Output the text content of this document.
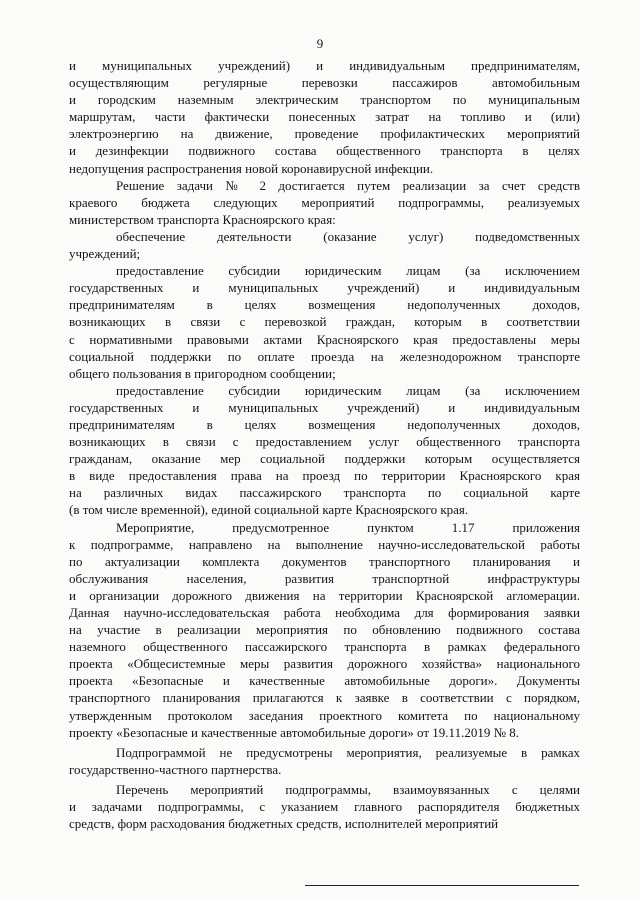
9
и муниципальных учреждений) и индивидуальным предпринимателям,
осуществляющим регулярные перевозки пассажиров автомобильным
и городским наземным электрическим транспортом по муниципальным
маршрутам, части фактически понесенных затрат на топливо и (или)
электроэнергию на движение, проведение профилактических мероприятий
и дезинфекции подвижного состава общественного транспорта в целях
недопущения распространения новой коронавирусной инфекции.
Решение задачи № 2 достигается путем реализации за счет средств
краевого бюджета следующих мероприятий подпрограммы, реализуемых
министерством транспорта Красноярского края:
обеспечение деятельности (оказание услуг) подведомственных
учреждений;
предоставление субсидии юридическим лицам (за исключением
государственных и муниципальных учреждений) и индивидуальным
предпринимателям в целях возмещения недополученных доходов,
возникающих в связи с перевозкой граждан, которым в соответствии
с нормативными правовыми актами Красноярского края предоставлены меры
социальной поддержки по оплате проезда на железнодорожном транспорте
общего пользования в пригородном сообщении;
предоставление субсидии юридическим лицам (за исключением
государственных и муниципальных учреждений) и индивидуальным
предпринимателям в целях возмещения недополученных доходов,
возникающих в связи с предоставлением услуг общественного транспорта
гражданам, оказание мер социальной поддержки которым осуществляется
в виде предоставления права на проезд по территории Красноярского края
на различных видах пассажирского транспорта по социальной карте
(в том числе временной), единой социальной карте Красноярского края.
Мероприятие, предусмотренное пунктом 1.17 приложения
к подпрограмме, направлено на выполнение научно-исследовательской работы
по актуализации комплекта документов транспортного планирования и
обслуживания населения, развития транспортной инфраструктуры
и организации дорожного движения на территории Красноярской агломерации.
Данная научно-исследовательская работа необходима для формирования заявки
на участие в реализации мероприятия по обновлению подвижного состава
наземного общественного пассажирского транспорта в рамках федерального
проекта «Общесистемные меры развития дорожного хозяйства» национального
проекта «Безопасные и качественные автомобильные дороги». Документы
транспортного планирования прилагаются к заявке в соответствии с порядком,
утвержденным протоколом заседания проектного комитета по национальному
проекту «Безопасные и качественные автомобильные дороги» от 19.11.2019 № 8.
Подпрограммой не предусмотрены мероприятия, реализуемые в рамках
государственно-частного партнерства.
Перечень мероприятий подпрограммы, взаимоувязанных с целями
и задачами подпрограммы, с указанием главного распорядителя бюджетных
средств, форм расходования бюджетных средств, исполнителей мероприятий
